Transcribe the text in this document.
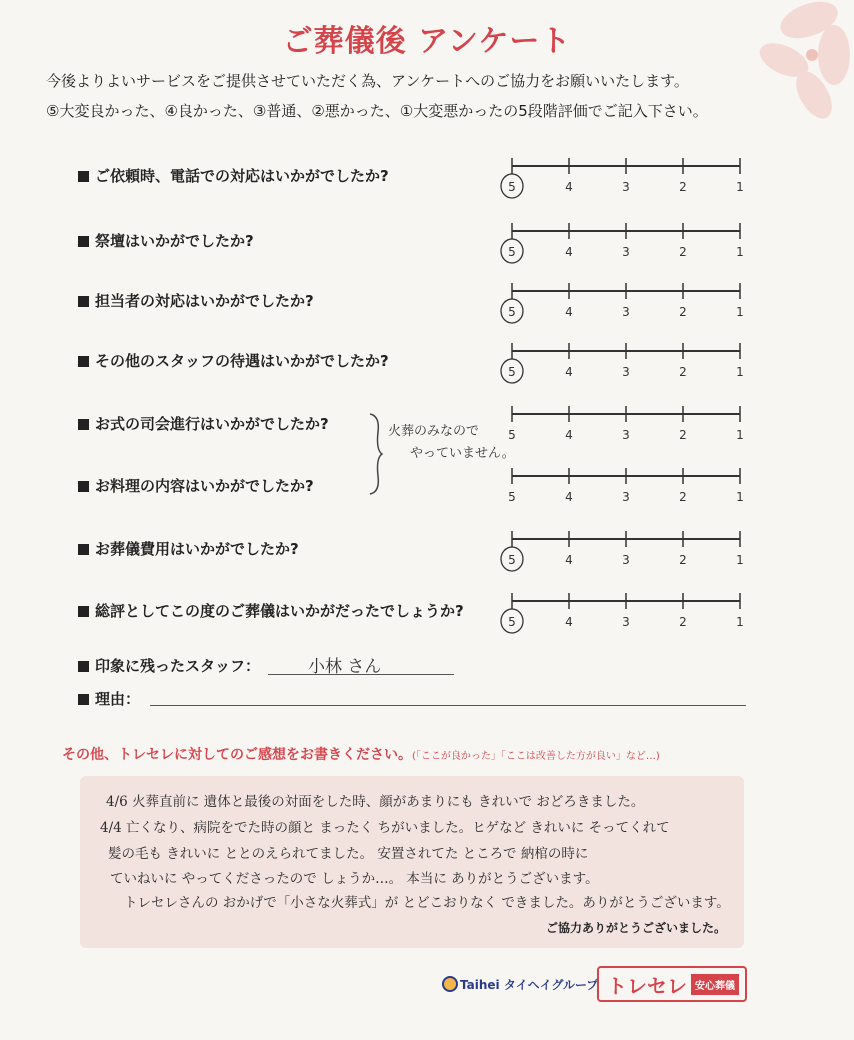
ご葬儀後 アンケート
今後よりよいサービスをご提供させていただく為、アンケートへのご協力をお願いいたします。
⑤大変良かった、④良かった、③普通、②悪かった、①大変悪かったの5段階評価でご記入下さい。
ご依頼時、電話での対応はいかがでしたか?
5	4	3	2	1
祭壇はいかがでしたか?
5	4	3	2	1
担当者の対応はいかがでしたか?
5	4	3	2	1
その他のスタッフの待遇はいかがでしたか?
5	4	3	2	1
お式の司会進行はいかがでしたか?
5	4	3	2	1
お料理の内容はいかがでしたか?
5	4	3	2	1
お葬儀費用はいかがでしたか?
5	4	3	2	1
総評としてこの度のご葬儀はいかがだったでしょうか?
5	4	3	2	1
火葬のみなので
やっていません。
印象に残ったスタッフ：	小林 さん
理由：
その他、トレセレに対してのご感想をお書きください。(「ここが良かった」「ここは改善した方が良い」など…)
4/6 火葬直前に 遺体と最後の対面をした時、顔があまりにも きれいで おどろきました。
4/4 亡くなり、病院をでた時の顔と まったく ちがいました。ヒゲなど きれいに そってくれて
髪の毛も きれいに ととのえられてました。 安置されてた ところで 納棺の時に
ていねいに やってくださったので しょうか…。 本当に ありがとうございます。
トレセレさんの おかげで「小さな火葬式」が とどこおりなく できました。ありがとうございます。
ご協力ありがとうございました。
Taihei タイヘイグループ トレセレ 安心葬儀
